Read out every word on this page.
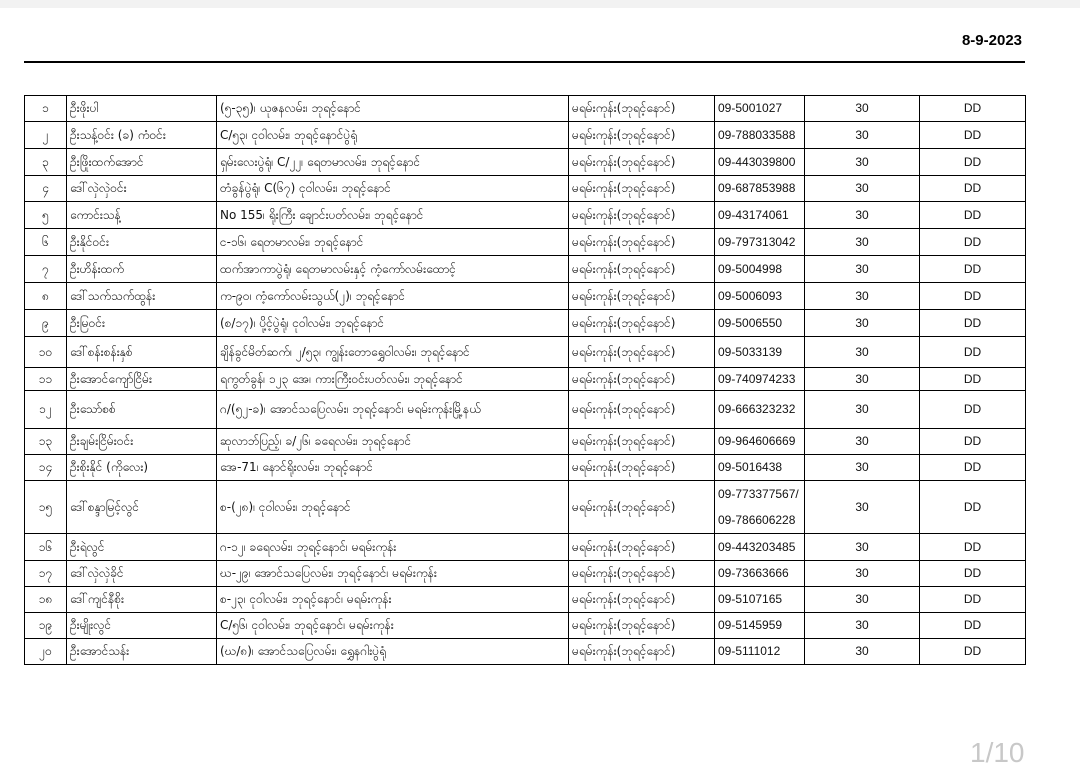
8-9-2023
၁	ဦးဖိုးပါ	(၅-၃၅)၊ ယုဇနလမ်း၊ ဘုရင့်နောင်	မရမ်းကုန်း(ဘုရင့်နောင်)	09-5001027	30	DD
၂	ဦးသန့်ဝင်း (ခ) ကံဝင်း	C/၅၃၊ ငုဝါလမ်း၊ ဘုရင့်နောင်ပွဲရုံ	မရမ်းကုန်း(ဘုရင့်နောင်)	09-788033588	30	DD
၃	ဦးဖြိုးထက်အောင်	ရှမ်းလေးပွဲရုံ၊ C/၂၂၊ ရေတမာလမ်း၊ ဘုရင့်နောင်	မရမ်းကုန်း(ဘုရင့်နောင်)	09-443039800	30	DD
၄	ဒေါ်လှဲလှဲဝင်း	တံခွန်ပွဲရုံ၊ C(၆၇) ငုဝါလမ်း၊ ဘုရင့်နောင်	မရမ်းကုန်း(ဘုရင့်နောင်)	09-687853988	30	DD
၅	ကောင်းသန့်	No 155၊ ရိုးကြီး ချောင်းပတ်လမ်း၊ ဘုရင့်နောင်	မရမ်းကုန်း(ဘုရင့်နောင်)	09-43174061	30	DD
၆	ဦးနိုင်ဝင်း	င-၁၆၊ ရေတမာလမ်း၊ ဘုရင့်နောင်	မရမ်းကုန်း(ဘုရင့်နောင်)	09-797313042	30	DD
၇	ဦးဟိန်းထက်	ထက်အာကာပွဲရုံ၊ ရေတမာလမ်းနှင့် ကံ့ကော်လမ်းထောင့်	မရမ်းကုန်း(ဘုရင့်နောင်)	09-5004998	30	DD
၈	ဒေါ်သက်သက်ထွန်း	က-၉၀၊ ကံ့ကော်လမ်းသွယ်(၂)၊ ဘုရင့်နောင်	မရမ်းကုန်း(ဘုရင့်နောင်)	09-5006093	30	DD
၉	ဦးမြဝင်း	(စ/၁၇)၊ ပို့င့်ပွဲရုံ၊ ငုဝါလမ်း၊ ဘုရင့်နောင်	မရမ်းကုန်း(ဘုရင့်နောင်)	09-5006550	30	DD
၁၀	ဒေါ်စန်းစန်းနှစ်	ချိန်ခွင်မိတ်ဆက်၊ ၂/၅၃၊ ကျွန်းတောရွှေဝါလမ်း၊ ဘုရင့်နောင်	မရမ်းကုန်း(ဘုရင့်နောင်)	09-5033139	30	DD
၁၁	ဦးအောင်ကျော်ငြိမ်း	ရကွတ်ခွန်၊ ၁၂၃ အေ၊ ကားကြီးဝင်းပတ်လမ်း၊ ဘုရင့်နောင်	မရမ်းကုန်း(ဘုရင့်နောင်)	09-740974233	30	DD
၁၂	ဦးသော်စစ်	ဂ/(၅၂-ခ)၊ အောင်သပြေလမ်း၊ ဘုရင့်နောင်၊ မရမ်းကုန်းမြို့နယ်	မရမ်းကုန်း(ဘုရင့်နောင်)	09-666323232	30	DD
၁၃	ဦးချမ်းငြိမ်းဝင်း	ဆုလာဘ်ပြည့်၊ ခ/၂၆၊ ခရေလမ်း၊ ဘုရင့်နောင်	မရမ်းကုန်း(ဘုရင့်နောင်)	09-964606669	30	DD
၁၄	ဦးစိုးနိုင် (ကိုလေး)	အေ-71၊ နောင်ရိုးလမ်း၊ ဘုရင့်နောင်	မရမ်းကုန်း(ဘုရင့်နောင်)	09-5016438	30	DD
၁၅	ဒေါ်စန္ဒာမြင့်လွင်	စ-(၂၈)၊ ငုဝါလမ်း၊ ဘုရင့်နောင်	မရမ်းကုန်း(ဘုရင့်နောင်)	09-773377567/
09-786606228	30	DD
၁၆	ဦးရဲလွင်	ဂ-၁၂၊ ခရေလမ်း၊ ဘုရင့်နောင်၊ မရမ်းကုန်း	မရမ်းကုန်း(ဘုရင့်နောင်)	09-443203485	30	DD
၁၇	ဒေါ်လှဲလှဲခိုင်	ဃ-၂၉၊ အောင်သပြေလမ်း၊ ဘုရင့်နောင်၊ မရမ်းကုန်း	မရမ်းကုန်း(ဘုရင့်နောင်)	09-73663666	30	DD
၁၈	ဒေါ်ကျင်နီစိုး	စ-၂၃၊ ငုဝါလမ်း၊ ဘုရင့်နောင်၊ မရမ်းကုန်း	မရမ်းကုန်း(ဘုရင့်နောင်)	09-5107165	30	DD
၁၉	ဦးမျိုးလွင်	C/၅၆၊ ငုဝါလမ်း၊ ဘုရင့်နောင်၊ မရမ်းကုန်း	မရမ်းကုန်း(ဘုရင့်နောင်)	09-5145959	30	DD
၂၀	ဦးအောင်သန်း	(ဃ/၈)၊ အောင်သပြေလမ်း၊ ရွှေနဂါးပွဲရုံ	မရမ်းကုန်း(ဘုရင့်နောင်)	09-5111012	30	DD
1/10
